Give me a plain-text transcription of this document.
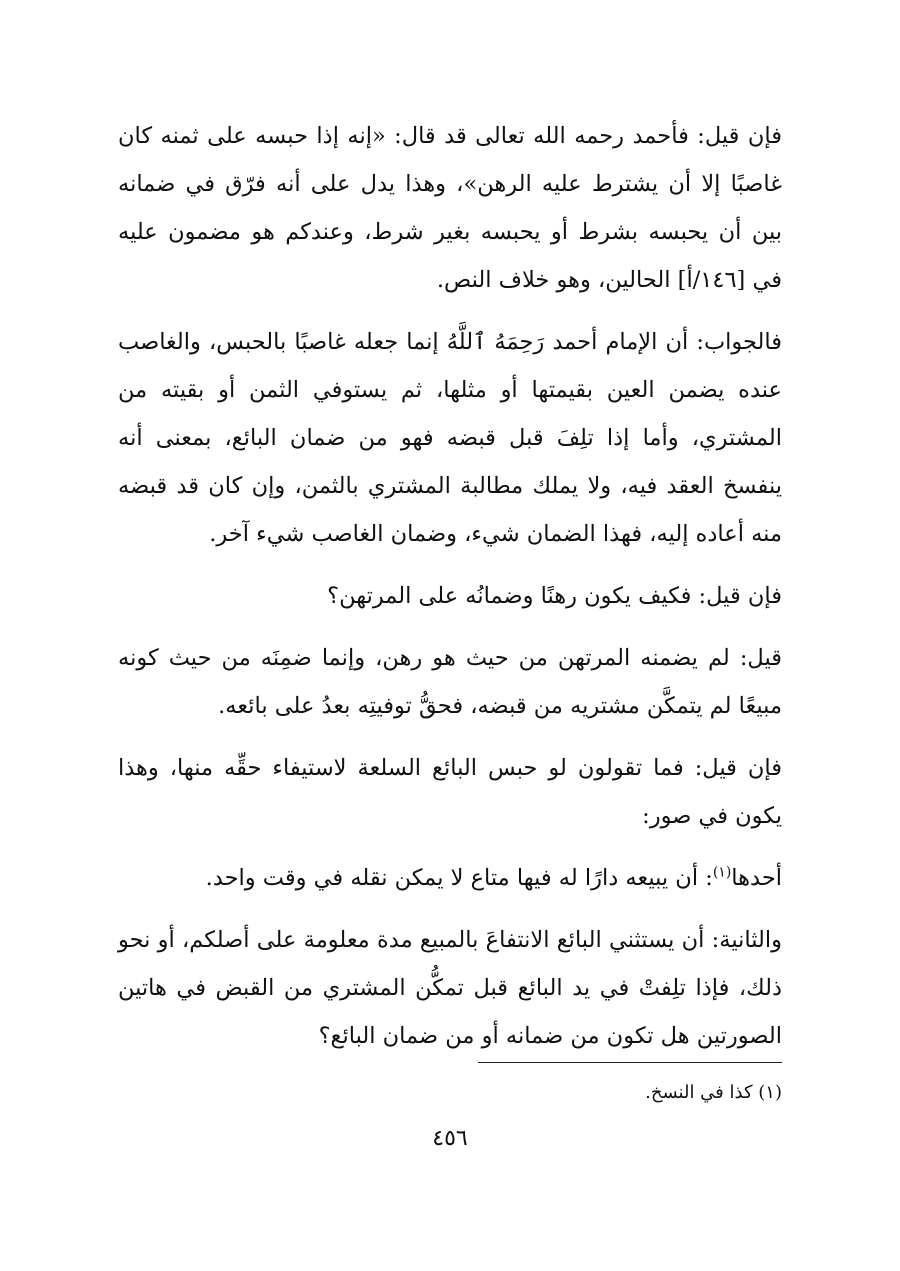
فإن قيل: فأحمد رحمه الله تعالى قد قال: «إنه إذا حبسه على ثمنه كان غاصبًا إلا أن يشترط عليه الرهن»، وهذا يدل على أنه فرّق في ضمانه بين أن يحبسه بشرط أو يحبسه بغير شرط، وعندكم هو مضمون عليه في [١٤٦/أ] الحالين، وهو خلاف النص.

فالجواب: أن الإمام أحمد رَحِمَهُ ٱللَّهُ إنما جعله غاصبًا بالحبس، والغاصب عنده يضمن العين بقيمتها أو مثلها، ثم يستوفي الثمن أو بقيته من المشتري، وأما إذا تلِفَ قبل قبضه فهو من ضمان البائع، بمعنى أنه ينفسخ العقد فيه، ولا يملك مطالبة المشتري بالثمن، وإن كان قد قبضه منه أعاده إليه، فهذا الضمان شيء، وضمان الغاصب شيء آخر.

فإن قيل: فكيف يكون رهنًا وضمانُه على المرتهن؟

قيل: لم يضمنه المرتهن من حيث هو رهن، وإنما ضمِنَه من حيث كونه مبيعًا لم يتمكَّن مشتريه من قبضه، فحقُّ توفيتِه بعدُ على بائعه.

فإن قيل: فما تقولون لو حبس البائع السلعة لاستيفاء حقِّه منها، وهذا يكون في صور:

أحدها$^{(١)}$: أن يبيعه دارًا له فيها متاع لا يمكن نقله في وقت واحد.

والثانية: أن يستثني البائع الانتفاعَ بالمبيع مدة معلومة على أصلكم، أو نحو ذلك، فإذا تلِفتْ في يد البائع قبل تمكُّن المشتري من القبض في هاتين الصورتين هل تكون من ضمانه أو من ضمان البائع؟

(١) كذا في النسخ.
٤٥٦
